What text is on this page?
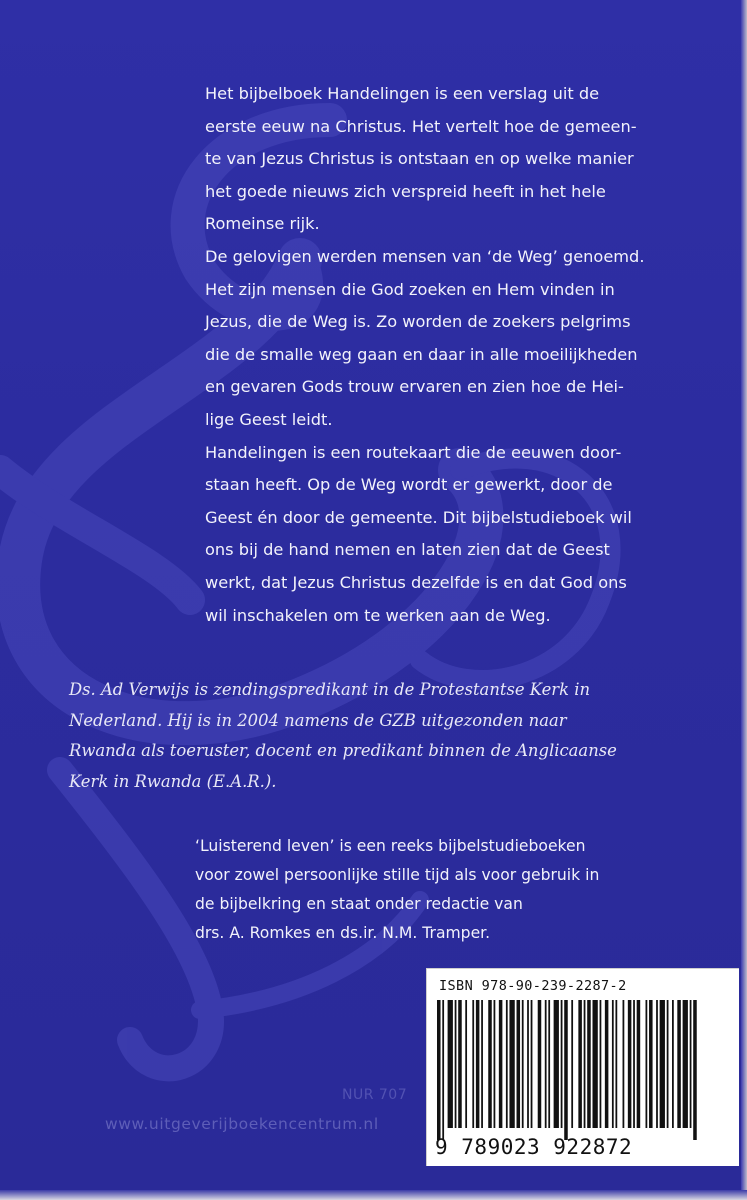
Het bijbelboek Handelingen is een verslag uit de
eerste eeuw na Christus. Het vertelt hoe de gemeen-
te van Jezus Christus is ontstaan en op welke manier
het goede nieuws zich verspreid heeft in het hele
Romeinse rijk.
De gelovigen werden mensen van ‘de Weg’ genoemd.
Het zijn mensen die God zoeken en Hem vinden in
Jezus, die de Weg is. Zo worden de zoekers pelgrims
die de smalle weg gaan en daar in alle moeilijkheden
en gevaren Gods trouw ervaren en zien hoe de Hei-
lige Geest leidt.
Handelingen is een routekaart die de eeuwen door-
staan heeft. Op de Weg wordt er gewerkt, door de
Geest én door de gemeente. Dit bijbelstudieboek wil
ons bij de hand nemen en laten zien dat de Geest
werkt, dat Jezus Christus dezelfde is en dat God ons
wil inschakelen om te werken aan de Weg.
Ds. Ad Verwijs is zendingspredikant in de Protestantse Kerk in
Nederland. Hij is in 2004 namens de GZB uitgezonden naar
Rwanda als toeruster, docent en predikant binnen de Anglicaanse
Kerk in Rwanda (E.A.R.).
‘Luisterend leven’ is een reeks bijbelstudieboeken
voor zowel persoonlijke stille tijd als voor gebruik in
de bijbelkring en staat onder redactie van
drs. A. Romkes en ds.ir. N.M. Tramper.
NUR 707
www.uitgeverijboekencentrum.nl
ISBN 978-90-239-2287-2
9 789023 922872
